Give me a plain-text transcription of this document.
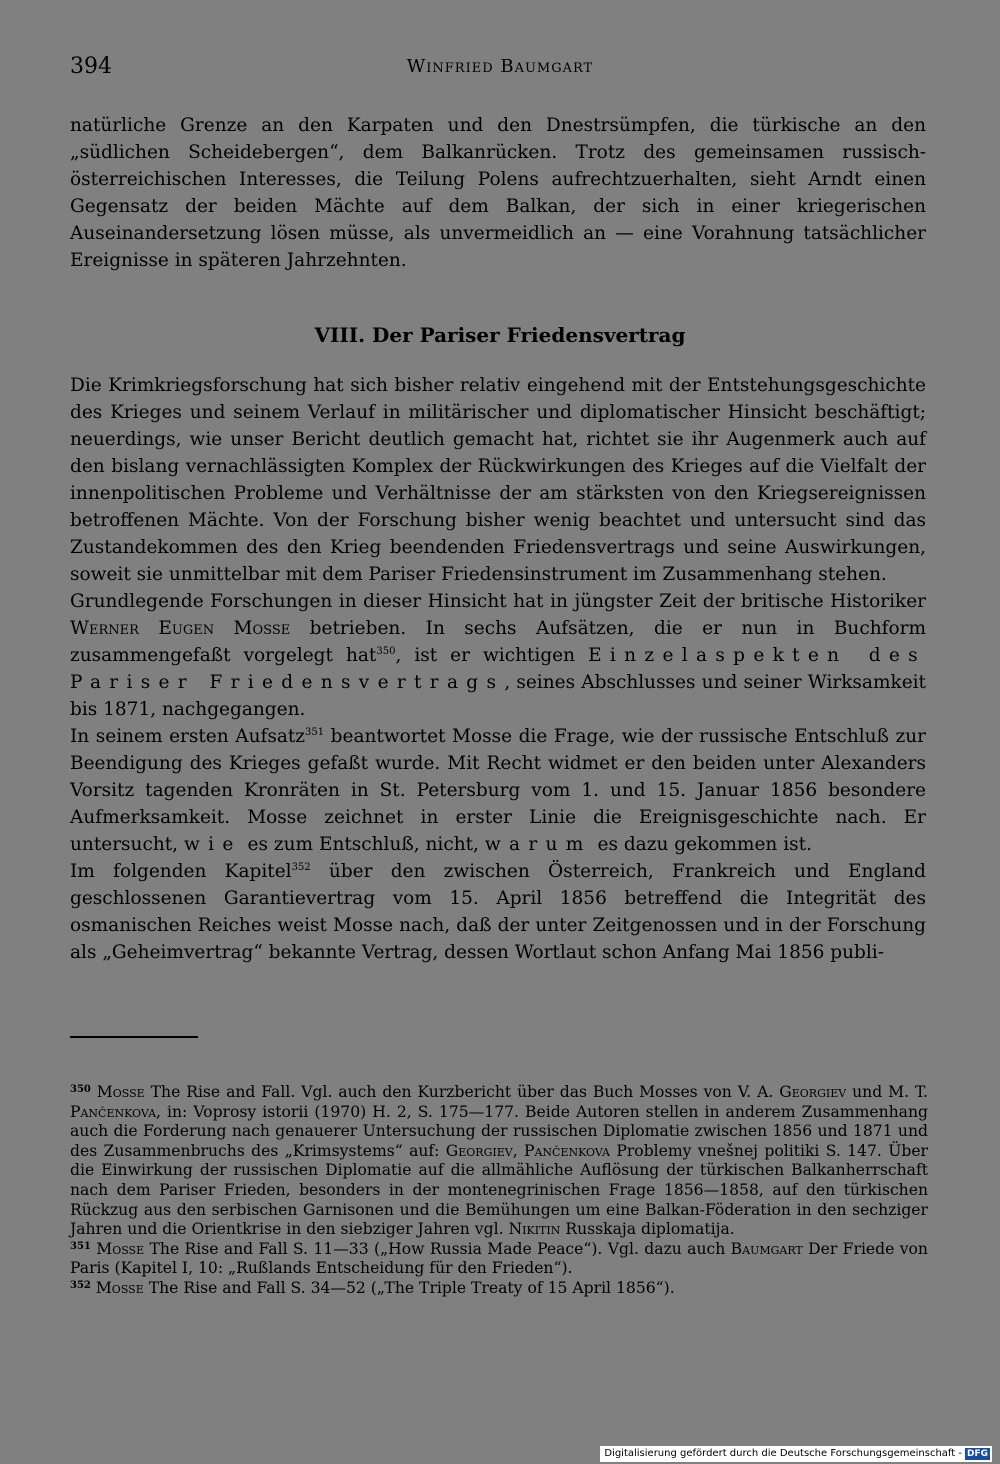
394	Winfried Baumgart
natürliche Grenze an den Karpaten und den Dnestrsümpfen, die türkische an den „südlichen Scheidebergen“, dem Balkanrücken. Trotz des gemeinsamen russisch-österreichischen Interesses, die Teilung Polens aufrechtzuerhalten, sieht Arndt einen Gegensatz der beiden Mächte auf dem Balkan, der sich in einer kriegerischen Auseinandersetzung lösen müsse, als unvermeidlich an — eine Vorahnung tatsächlicher Ereignisse in späteren Jahrzehnten.
VIII. Der Pariser Friedensvertrag

Die Krimkriegsforschung hat sich bisher relativ eingehend mit der Entstehungsgeschichte des Krieges und seinem Verlauf in militärischer und diplomatischer Hinsicht beschäftigt; neuerdings, wie unser Bericht deutlich gemacht hat, richtet sie ihr Augenmerk auch auf den bislang vernachlässigten Komplex der Rückwirkungen des Krieges auf die Vielfalt der innenpolitischen Probleme und Verhältnisse der am stärksten von den Kriegsereignissen betroffenen Mächte. Von der Forschung bisher wenig beachtet und untersucht sind das Zustandekommen des den Krieg beendenden Friedensvertrags und seine Auswirkungen, soweit sie unmittelbar mit dem Pariser Friedensinstrument im Zusammenhang stehen.

Grundlegende Forschungen in dieser Hinsicht hat in jüngster Zeit der britische Historiker Werner Eugen Mosse betrieben. In sechs Aufsätzen, die er nun in Buchform zusammengefaßt vorgelegt hat$^{350}$, ist er wichtigen Einzelaspekten des Pariser Friedensvertrags, seines Abschlusses und seiner Wirksamkeit bis 1871, nachgegangen.

In seinem ersten Aufsatz$^{351}$ beantwortet Mosse die Frage, wie der russische Entschluß zur Beendigung des Krieges gefaßt wurde. Mit Recht widmet er den beiden unter Alexanders Vorsitz tagenden Kronräten in St. Petersburg vom 1. und 15. Januar 1856 besondere Aufmerksamkeit. Mosse zeichnet in erster Linie die Ereignisgeschichte nach. Er untersucht, wie es zum Entschluß, nicht, warum es dazu gekommen ist.

Im folgenden Kapitel$^{352}$ über den zwischen Österreich, Frankreich und England geschlossenen Garantievertrag vom 15. April 1856 betreffend die Integrität des osmanischen Reiches weist Mosse nach, daß der unter Zeitgenossen und in der Forschung als „Geheimvertrag“ bekannte Vertrag, dessen Wortlaut schon Anfang Mai 1856 publi-

$^{350}$ Mosse The Rise and Fall. Vgl. auch den Kurzbericht über das Buch Mosses von V. A. Georgiev und M. T. Pančenkova, in: Voprosy istorii (1970) H. 2, S. 175—177. Beide Autoren stellen in anderem Zusammenhang auch die Forderung nach genauerer Untersuchung der russischen Diplomatie zwischen 1856 und 1871 und des Zusammenbruchs des „Krimsystems“ auf: Georgiev, Pančenkova Problemy vnešnej politiki S. 147. Über die Einwirkung der russischen Diplomatie auf die allmähliche Auflösung der türkischen Balkanherrschaft nach dem Pariser Frieden, besonders in der montenegrinischen Frage 1856—1858, auf den türkischen Rückzug aus den serbischen Garnisonen und die Bemühungen um eine Balkan-Föderation in den sechziger Jahren und die Orientkrise in den siebziger Jahren vgl. Nikitin Russkaja diplomatija.

$^{351}$ Mosse The Rise and Fall S. 11—33 („How Russia Made Peace“). Vgl. dazu auch Baumgart Der Friede von Paris (Kapitel I, 10: „Rußlands Entscheidung für den Frieden“).

$^{352}$ Mosse The Rise and Fall S. 34—52 („The Triple Treaty of 15 April 1856“).

Digitalisierung gefördert durch die Deutsche Forschungsgemeinschaft - DFG
